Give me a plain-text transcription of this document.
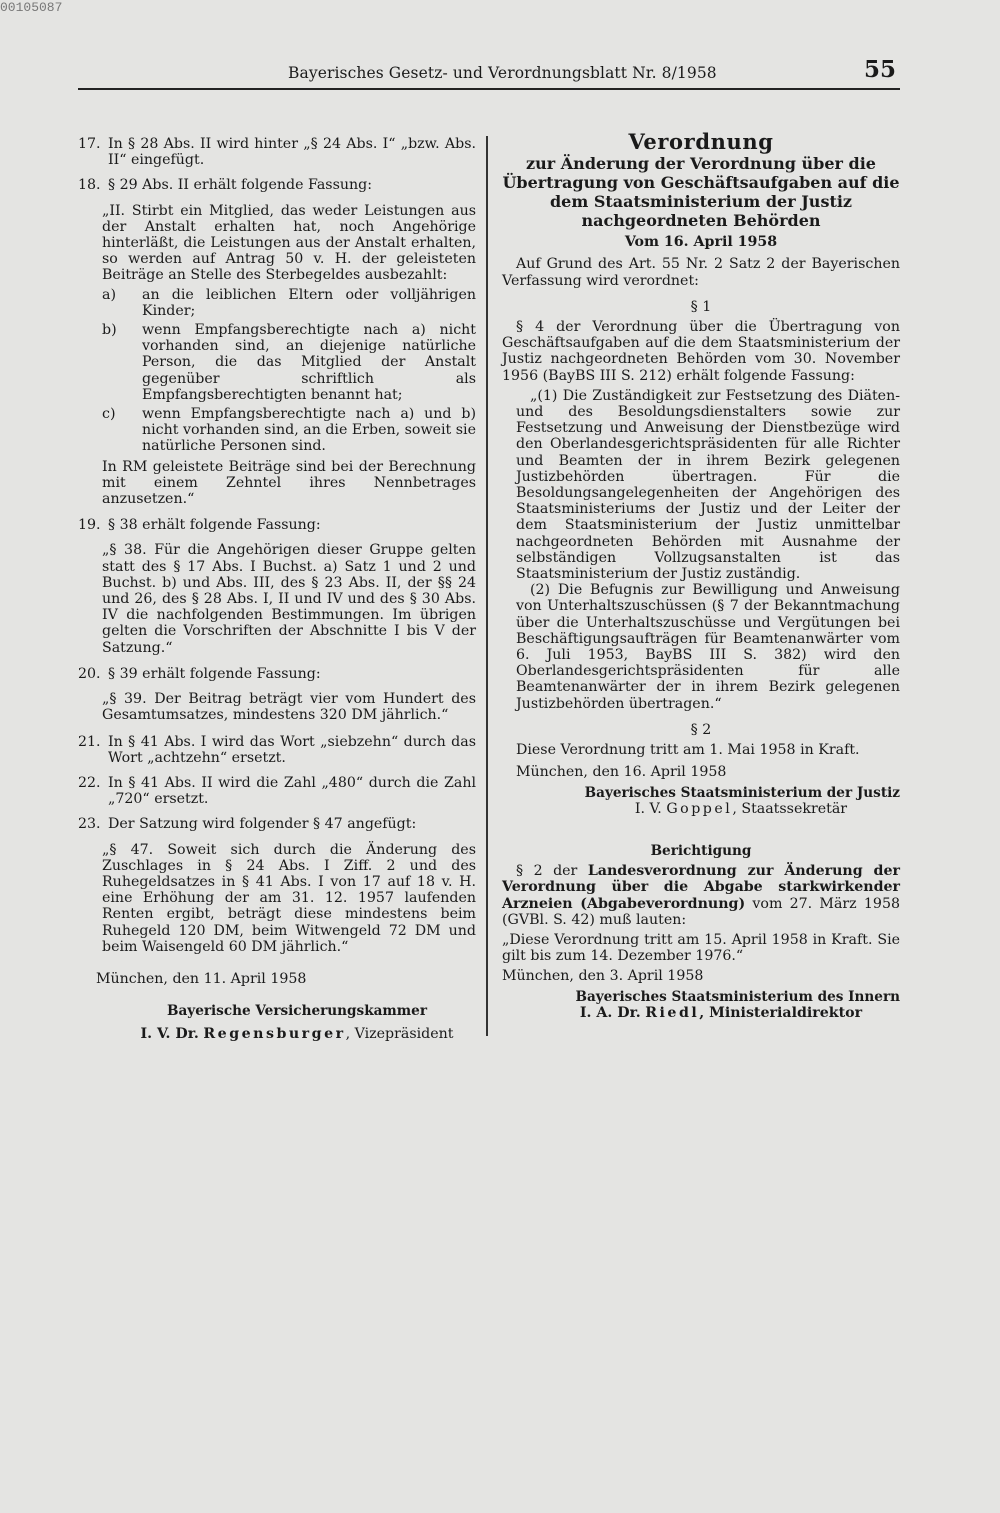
00105087
Bayerisches Gesetz- und Verordnungsblatt Nr. 8/1958	55
17. In § 28 Abs. II wird hinter „§ 24 Abs. I“ „bzw. Abs. II“ eingefügt.

18. § 29 Abs. II erhält folgende Fassung:

„II. Stirbt ein Mitglied, das weder Leistungen aus der Anstalt erhalten hat, noch Angehörige hinterläßt, die Leistungen aus der Anstalt erhalten, so werden auf Antrag 50 v. H. der geleisteten Beiträge an Stelle des Sterbegeldes ausbezahlt:

a) an die leiblichen Eltern oder volljährigen Kinder;
b) wenn Empfangsberechtigte nach a) nicht vorhanden sind, an diejenige natürliche Person, die das Mitglied der Anstalt gegenüber schriftlich als Empfangsberechtigten benannt hat;
c) wenn Empfangsberechtigte nach a) und b) nicht vorhanden sind, an die Erben, soweit sie natürliche Personen sind.
In RM geleistete Beiträge sind bei der Berechnung mit einem Zehntel ihres Nennbetrages anzusetzen.“
19. § 38 erhält folgende Fassung:

„§ 38. Für die Angehörigen dieser Gruppe gelten statt des § 17 Abs. I Buchst. a) Satz 1 und 2 und Buchst. b) und Abs. III, des § 23 Abs. II, der §§ 24 und 26, des § 28 Abs. I, II und IV und des § 30 Abs. IV die nachfolgenden Bestimmungen. Im übrigen gelten die Vorschriften der Abschnitte I bis V der Satzung.“

20. § 39 erhält folgende Fassung:

„§ 39. Der Beitrag beträgt vier vom Hundert des Gesamtumsatzes, mindestens 320 DM jährlich.“

21. In § 41 Abs. I wird das Wort „siebzehn“ durch das Wort „achtzehn“ ersetzt.

22. In § 41 Abs. II wird die Zahl „480“ durch die Zahl „720“ ersetzt.

23. Der Satzung wird folgender § 47 angefügt:

„§ 47. Soweit sich durch die Änderung des Zuschlages in § 24 Abs. I Ziff. 2 und des Ruhegeldsatzes in § 41 Abs. I von 17 auf 18 v. H. eine Erhöhung der am 31. 12. 1957 laufenden Renten ergibt, beträgt diese mindestens beim Ruhegeld 120 DM, beim Witwengeld 72 DM und beim Waisengeld 60 DM jährlich.“

München, den 11. April 1958
Bayerische Versicherungskammer
I. V. Dr. Regensburger, Vizepräsident
Verordnung
zur Änderung der Verordnung über die Übertragung von Geschäftsaufgaben auf die dem Staatsministerium der Justiz nachgeordneten Behörden
Vom 16. April 1958

Auf Grund des Art. 55 Nr. 2 Satz 2 der Bayerischen Verfassung wird verordnet:

§ 1

§ 4 der Verordnung über die Übertragung von Geschäftsaufgaben auf die dem Staatsministerium der Justiz nachgeordneten Behörden vom 30. November 1956 (BayBS III S. 212) erhält folgende Fassung:

„(1) Die Zuständigkeit zur Festsetzung des Diäten- und des Besoldungsdienstalters sowie zur Festsetzung und Anweisung der Dienstbezüge wird den Oberlandesgerichtspräsidenten für alle Richter und Beamten der in ihrem Bezirk gelegenen Justizbehörden übertragen. Für die Besoldungsangelegenheiten der Angehörigen des Staatsministeriums der Justiz und der Leiter der dem Staatsministerium der Justiz unmittelbar nachgeordneten Behörden mit Ausnahme der selbständigen Vollzugsanstalten ist das Staatsministerium der Justiz zuständig.

(2) Die Befugnis zur Bewilligung und Anweisung von Unterhaltszuschüssen (§ 7 der Bekanntmachung über die Unterhaltszuschüsse und Vergütungen bei Beschäftigungsaufträgen für Beamtenanwärter vom 6. Juli 1953, BayBS III S. 382) wird den Oberlandesgerichtspräsidenten für alle Beamtenanwärter der in ihrem Bezirk gelegenen Justizbehörden übertragen.“

§ 2

Diese Verordnung tritt am 1. Mai 1958 in Kraft.

München, den 16. April 1958

Bayerisches Staatsministerium der Justiz
I. V. Goppel, Staatssekretär
Berichtigung

§ 2 der Landesverordnung zur Änderung der Verordnung über die Abgabe starkwirkender Arzneien (Abgabeverordnung) vom 27. März 1958 (GVBl. S. 42) muß lauten:

„Diese Verordnung tritt am 15. April 1958 in Kraft. Sie gilt bis zum 14. Dezember 1976.“

München, den 3. April 1958

Bayerisches Staatsministerium des Innern
I. A. Dr. Riedl, Ministerialdirektor
